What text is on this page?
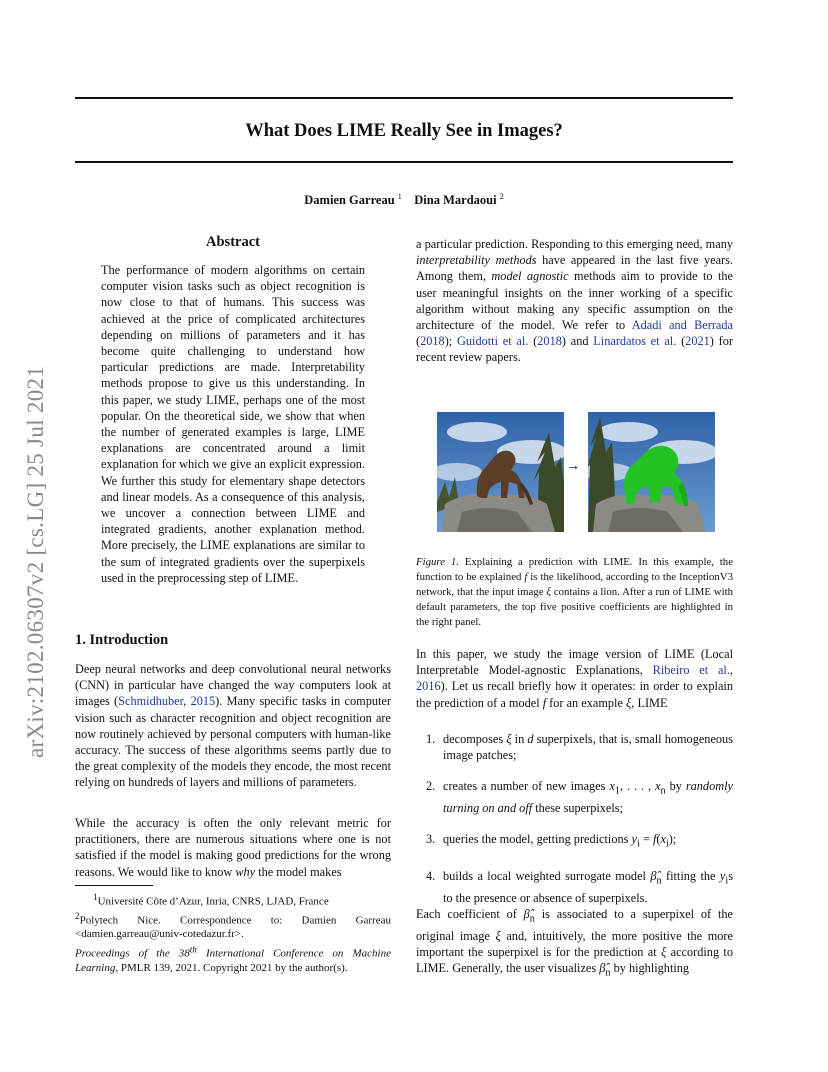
What Does LIME Really See in Images?
Damien Garreau $^1$ Dina Mardaoui $^2$
arXiv:2102.06307v2 [cs.LG] 25 Jul 2021
Abstract
The performance of modern algorithms on certain computer vision tasks such as object recognition is now close to that of humans. This success was achieved at the price of complicated architectures depending on millions of parameters and it has become quite challenging to understand how particular predictions are made. Interpretability methods propose to give us this understanding. In this paper, we study LIME, perhaps one of the most popular. On the theoretical side, we show that when the number of generated examples is large, LIME explanations are concentrated around a limit explanation for which we give an explicit expression. We further this study for elementary shape detectors and linear models. As a consequence of this analysis, we uncover a connection between LIME and integrated gradients, another explanation method. More precisely, the LIME explanations are similar to the sum of integrated gradients over the superpixels used in the preprocessing step of LIME.
1. Introduction
Deep neural networks and deep convolutional neural networks (CNN) in particular have changed the way computers look at images (Schmidhuber, 2015). Many specific tasks in computer vision such as character recognition and object recognition are now routinely achieved by personal computers with human-like accuracy. The success of these algorithms seems partly due to the great complexity of the models they encode, the most recent relying on hundreds of layers and millions of parameters.
While the accuracy is often the only relevant metric for practitioners, there are numerous situations where one is not satisfied if the model is making good predictions for the wrong reasons. We would like to know why the model makes

$^1$Université Côte d’Azur, Inria, CNRS, LJAD, France

$^2$Polytech Nice. Correspondence to: Damien Garreau <damien.garreau@univ-cotedazur.fr>.

Proceedings of the 38th International Conference on Machine Learning, PMLR 139, 2021. Copyright 2021 by the author(s).
a particular prediction. Responding to this emerging need, many interpretability methods have appeared in the last five years. Among them, model agnostic methods aim to provide to the user meaningful insights on the inner working of a specific algorithm without making any specific assumption on the architecture of the model. We refer to Adadi and Berrada (2018); Guidotti et al. (2018) and Linardatos et al. (2021) for recent review papers.
→
Figure 1. Explaining a prediction with LIME. In this example, the function to be explained f is the likelihood, according to the InceptionV3 network, that the input image ξ contains a lion. After a run of LIME with default parameters, the top five positive coefficients are highlighted in the right panel.
In this paper, we study the image version of LIME (Local Interpretable Model-agnostic Explanations, Ribeiro et al., 2016). Let us recall briefly how it operates: in order to explain the prediction of a model f for an example ξ, LIME
1. decomposes ξ in d superpixels, that is, small homogeneous image patches;
2. creates a number of new images $x_1$, . . . , $x_n$ by randomly turning on and off these superpixels;
3. queries the model, getting predictions $y_i = f(x_i)$;
4. builds a local weighted surrogate model $\betâ_n$ fitting the $y_is$ to the presence or absence of superpixels.
Each coefficient of $\betâ_n$ is associated to a superpixel of the original image ξ and, intuitively, the more positive the more important the superpixel is for the prediction at ξ according to LIME. Generally, the user visualizes $\betâ_n$ by highlighting
